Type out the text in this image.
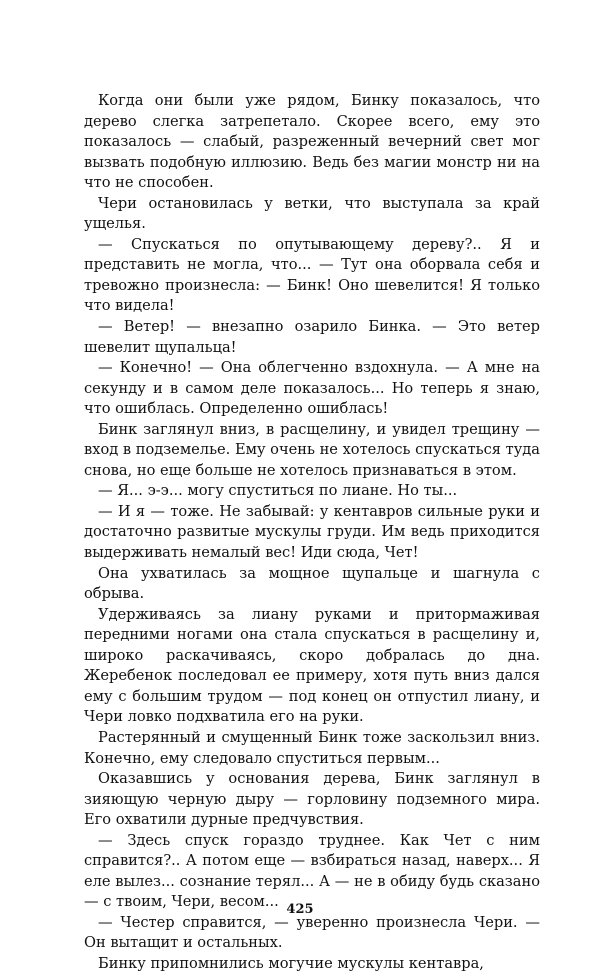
Когда они были уже рядом, Бинку показалось, что дерево слегка затрепетало. Скорее всего, ему это показалось — слабый, разреженный вечерний свет мог вызвать подобную иллюзию. Ведь без магии монстр ни на что не способен.

Чери остановилась у ветки, что выступала за край ущелья.

— Спускаться по опутывающему дереву?.. Я и представить не могла, что... — Тут она оборвала себя и тревожно произнесла: — Бинк! Оно шевелится! Я только что видела!

— Ветер! — внезапно озарило Бинка. — Это ветер шевелит щупальца!

— Конечно! — Она облегченно вздохнула. — А мне на секунду и в самом деле показалось... Но теперь я знаю, что ошиблась. Определенно ошиблась!

Бинк заглянул вниз, в расщелину, и увидел трещину — вход в подземелье. Ему очень не хотелось спускаться туда снова, но еще больше не хотелось признаваться в этом.

— Я... э-э... могу спуститься по лиане. Но ты...

— И я — тоже. Не забывай: у кентавров сильные руки и достаточно развитые мускулы груди. Им ведь приходится выдерживать немалый вес! Иди сюда, Чет!

Она ухватилась за мощное щупальце и шагнула с обрыва.

Удерживаясь за лиану руками и притормаживая передними ногами она стала спускаться в расщелину и, широко раскачиваясь, скоро добралась до дна. Жеребенок последовал ее примеру, хотя путь вниз дался ему с большим трудом — под конец он отпустил лиану, и Чери ловко подхватила его на руки.

Растерянный и смущенный Бинк тоже заскользил вниз. Конечно, ему следовало спуститься первым...

Оказавшись у основания дерева, Бинк заглянул в зияющую черную дыру — горловину подземного мира. Его охватили дурные предчувствия.

— Здесь спуск гораздо труднее. Как Чет с ним справится?.. А потом еще — взбираться назад, наверх... Я еле вылез... сознание терял... А — не в обиду будь сказано — с твоим, Чери, весом...

— Честер справится, — уверенно произнесла Чери. — Он вытащит и остальных.

Бинку припомнились могучие мускулы кентавра,

425
